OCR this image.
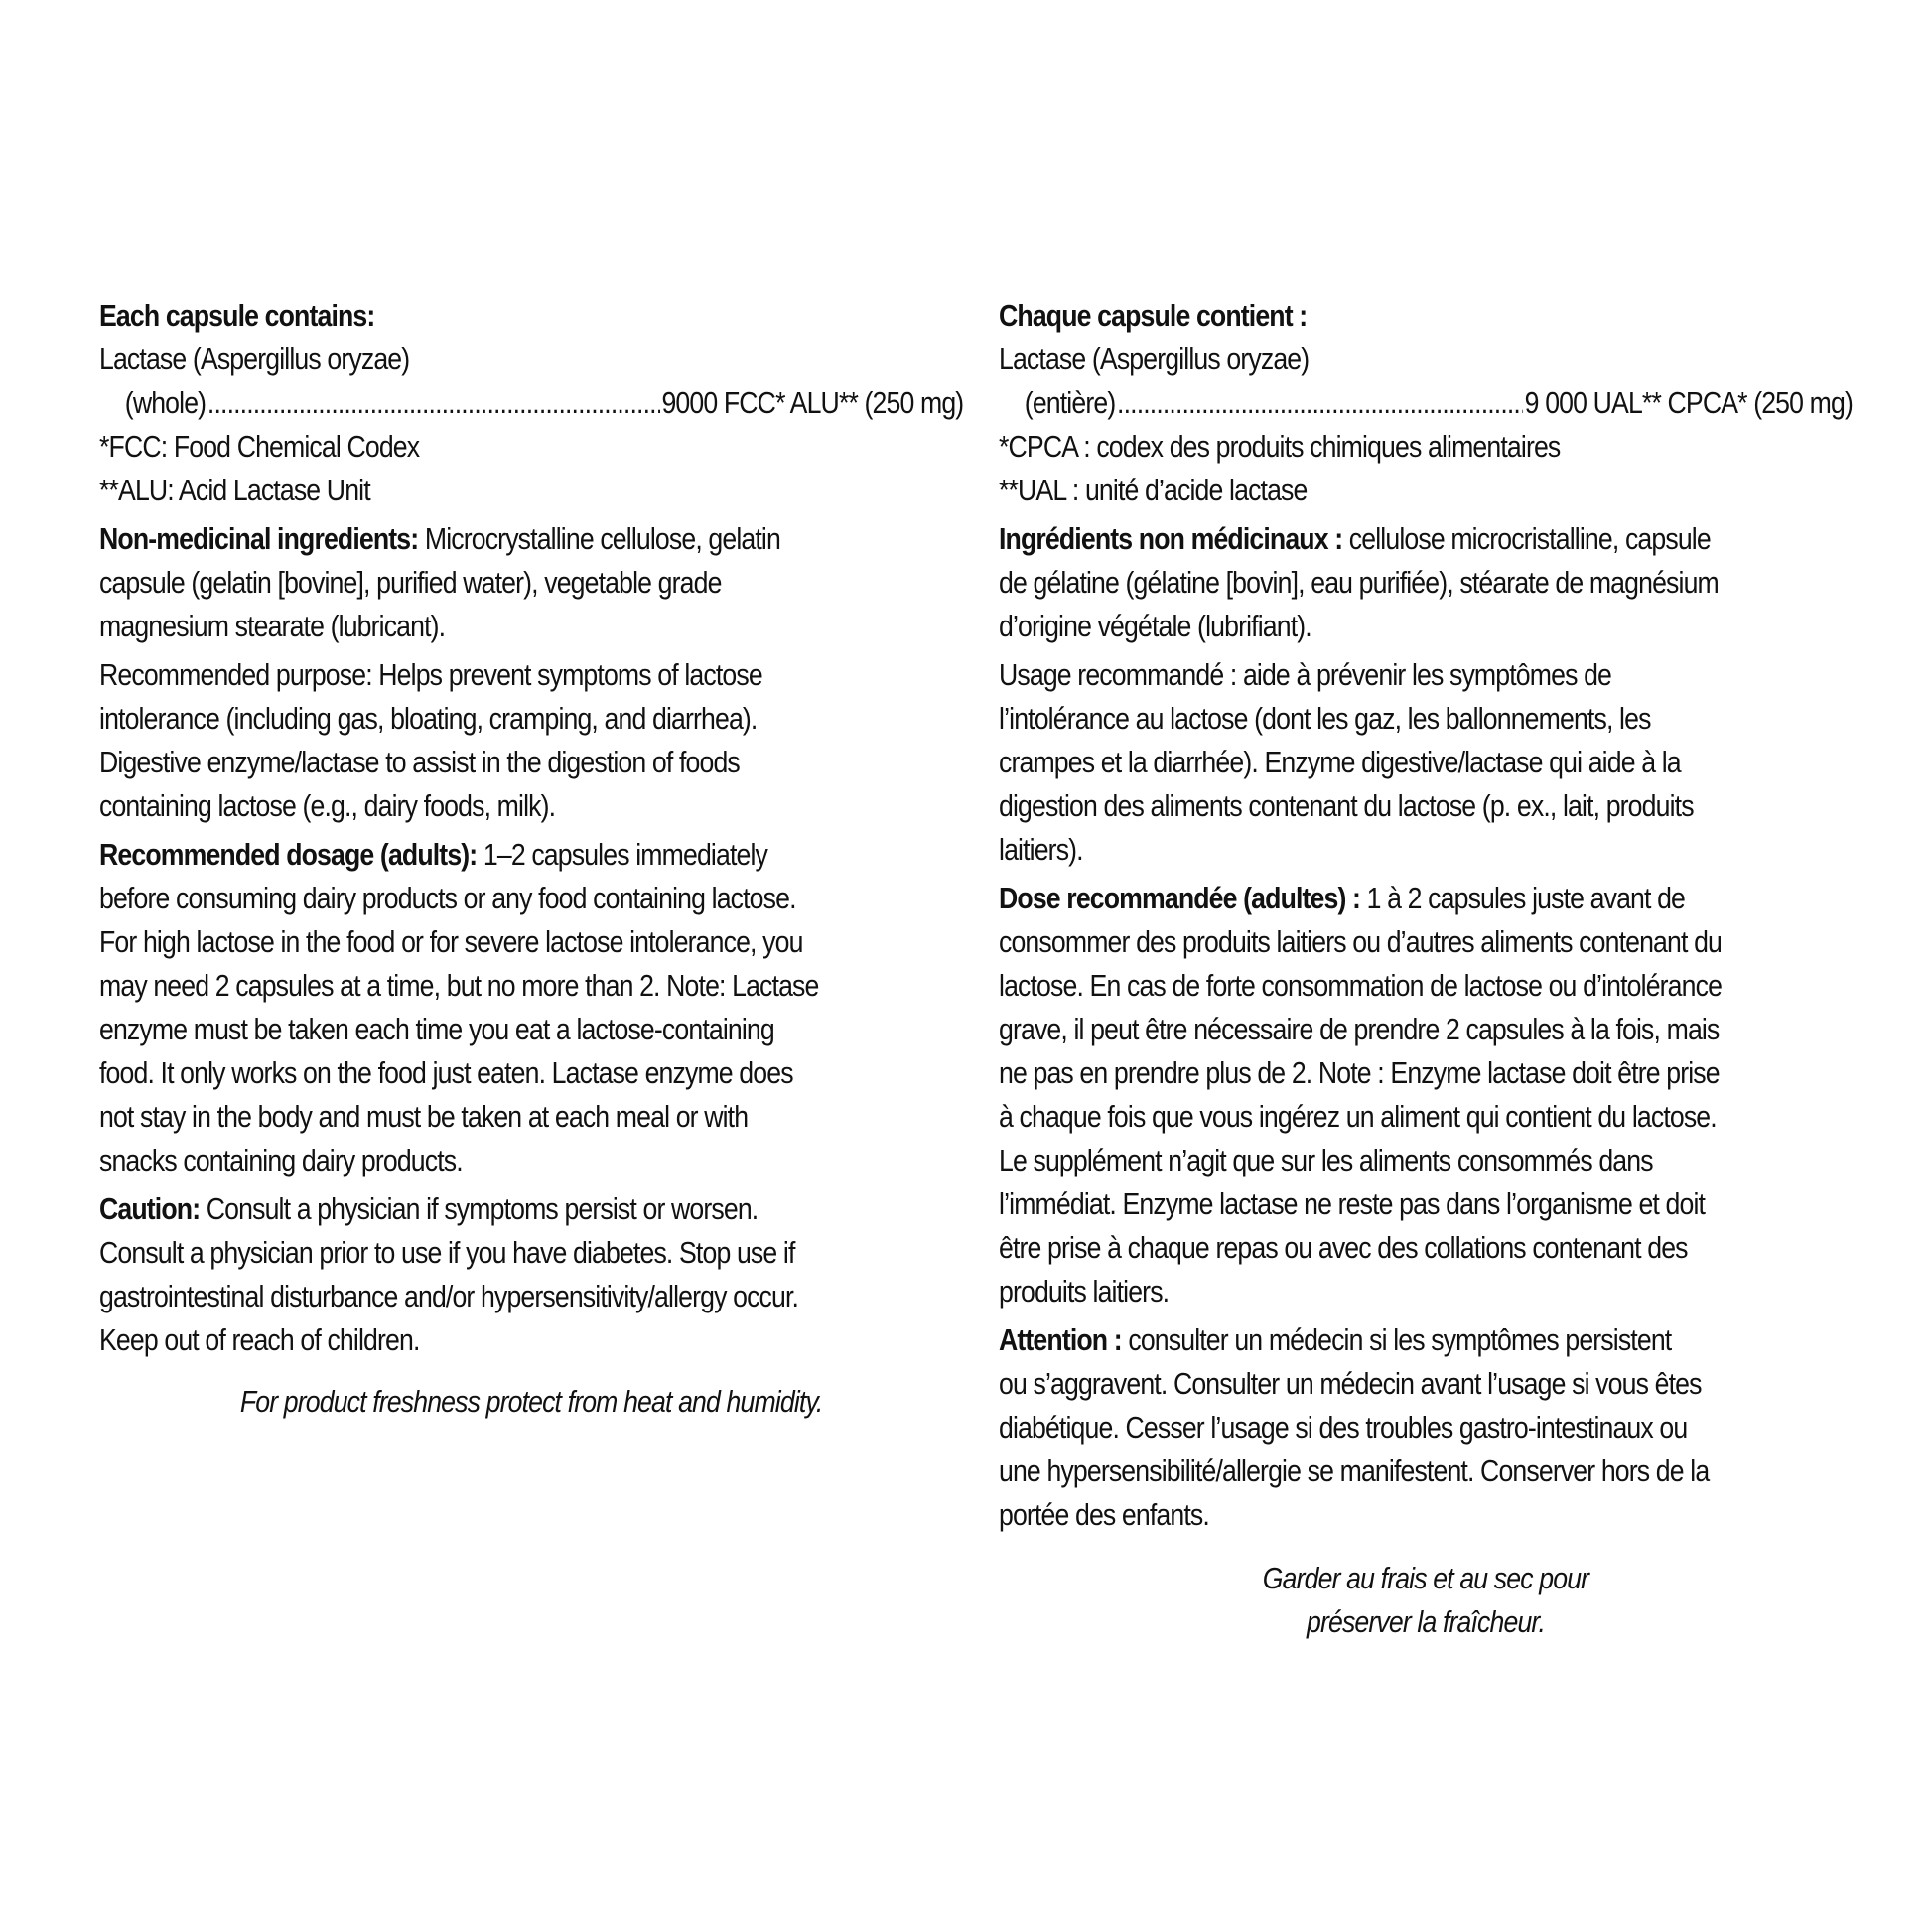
Each capsule contains:
Lactase (Aspergillus oryzae)
(whole) .....	9000 FCC* ALU** (250 mg)
*FCC: Food Chemical Codex
**ALU: Acid Lactase Unit
Non-medicinal ingredients: Microcrystalline cellulose, gelatin
capsule (gelatin [bovine], purified water), vegetable grade
magnesium stearate (lubricant).
Recommended purpose: Helps prevent symptoms of lactose
intolerance (including gas, bloating, cramping, and diarrhea).
Digestive enzyme/lactase to assist in the digestion of foods
containing lactose (e.g., dairy foods, milk).
Recommended dosage (adults): 1–2 capsules immediately
before consuming dairy products or any food containing lactose.
For high lactose in the food or for severe lactose intolerance, you
may need 2 capsules at a time, but no more than 2. Note: Lactase
enzyme must be taken each time you eat a lactose-containing
food. It only works on the food just eaten. Lactase enzyme does
not stay in the body and must be taken at each meal or with
snacks containing dairy products.
Caution: Consult a physician if symptoms persist or worsen.
Consult a physician prior to use if you have diabetes. Stop use if
gastrointestinal disturbance and/or hypersensitivity/allergy occur.
Keep out of reach of children.
For product freshness protect from heat and humidity.
Chaque capsule contient :
Lactase (Aspergillus oryzae)
(entière) .....	9 000 UAL** CPCA* (250 mg)
*CPCA : codex des produits chimiques alimentaires
**UAL : unité d’acide lactase
Ingrédients non médicinaux : cellulose microcristalline, capsule
de gélatine (gélatine [bovin], eau purifiée), stéarate de magnésium
d’origine végétale (lubrifiant).
Usage recommandé : aide à prévenir les symptômes de
l’intolérance au lactose (dont les gaz, les ballonnements, les
crampes et la diarrhée). Enzyme digestive/lactase qui aide à la
digestion des aliments contenant du lactose (p. ex., lait, produits
laitiers).
Dose recommandée (adultes) : 1 à 2 capsules juste avant de
consommer des produits laitiers ou d’autres aliments contenant du
lactose. En cas de forte consommation de lactose ou d’intolérance
grave, il peut être nécessaire de prendre 2 capsules à la fois, mais
ne pas en prendre plus de 2. Note : Enzyme lactase doit être prise
à chaque fois que vous ingérez un aliment qui contient du lactose.
Le supplément n’agit que sur les aliments consommés dans
l’immédiat. Enzyme lactase ne reste pas dans l’organisme et doit
être prise à chaque repas ou avec des collations contenant des
produits laitiers.
Attention : consulter un médecin si les symptômes persistent
ou s’aggravent. Consulter un médecin avant l’usage si vous êtes
diabétique. Cesser l’usage si des troubles gastro-intestinaux ou
une hypersensibilité/allergie se manifestent. Conserver hors de la
portée des enfants.
Garder au frais et au sec pour
préserver la fraîcheur.
